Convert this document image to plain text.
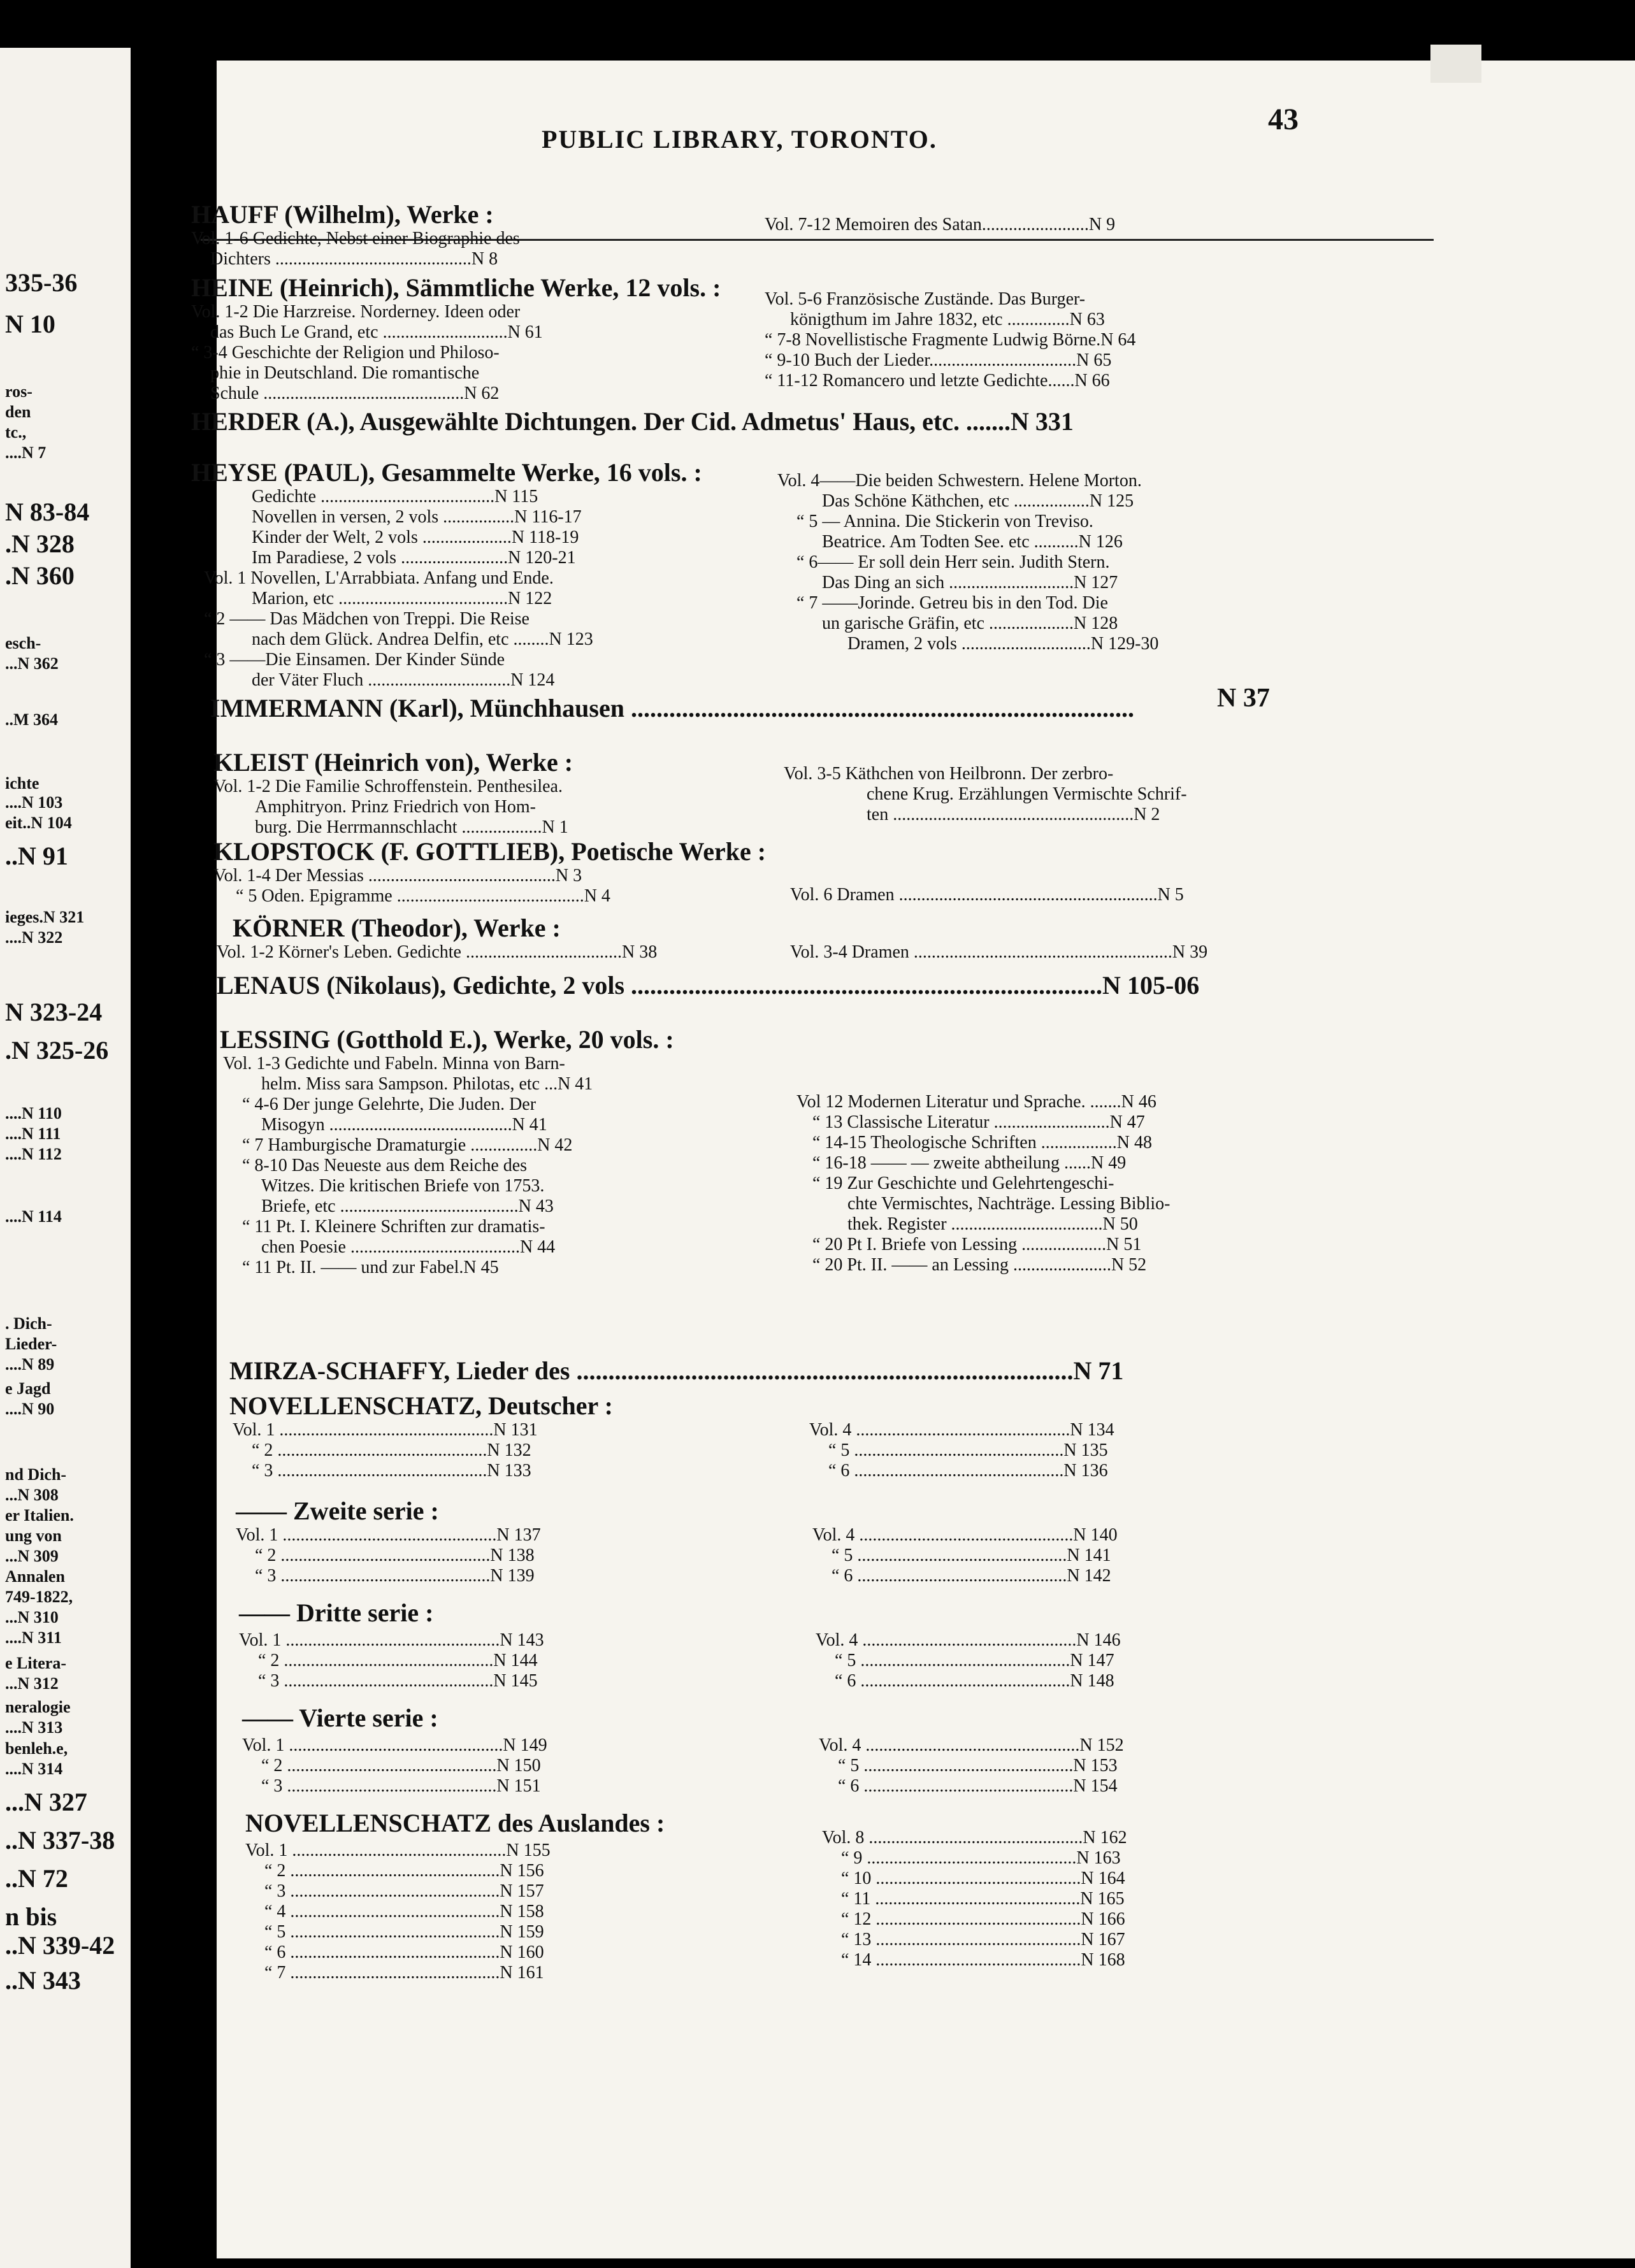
335-36
N 10
ros-
den
tc.,
....N 7
N 83-84
.N 328
.N 360
esch-
...N 362
..M 364
ichte
....N 103
eit..N 104
..N 91
ieges.N 321
....N 322
N 323-24
.N 325-26
....N 110
....N 111
....N 112
....N 114
. Dich-
Lieder-
....N 89
e Jagd
....N 90
nd Dich-
...N 308
er Italien.
ung von
...N 309
Annalen
749-1822,
...N 310
....N 311
e Litera-
...N 312
neralogie
....N 313
benleh.e,
....N 314
...N 327
..N 337-38
..N 72
n bis
..N 339-42
..N 343
PUBLIC LIBRARY, TORONTO.
43
HAUFF (Wilhelm), Werke :
Vol. 1-6 Gedichte, Nebst einer Biographie des
Dichters ............................................N 8
Vol. 7-12 Memoiren des Satan........................N 9
HEINE (Heinrich), Sämmtliche Werke, 12 vols. :
Vol. 1-2 Die Harzreise. Norderney. Ideen oder
das Buch Le Grand, etc ............................N 61
“ 3-4 Geschichte der Religion und Philoso-
phie in Deutschland. Die romantische
Schule .............................................N 62
Vol. 5-6 Französische Zustände. Das Burger-
königthum im Jahre 1832, etc ..............N 63
“ 7-8 Novellistische Fragmente Ludwig Börne.N 64
“ 9-10 Buch der Lieder.................................N 65
“ 11-12 Romancero und letzte Gedichte......N 66
HERDER (A.), Ausgewählte Dichtungen. Der Cid. Admetus' Haus, etc. .......N 331
HEYSE (PAUL), Gesammelte Werke, 16 vols. :
Gedichte .......................................N 115
Novellen in versen, 2 vols ................N 116-17
Kinder der Welt, 2 vols ....................N 118-19
Im Paradiese, 2 vols ........................N 120-21
Vol. 1 Novellen, L'Arrabbiata. Anfang und Ende.
Marion, etc ......................................N 122
“ 2 —— Das Mädchen von Treppi. Die Reise
nach dem Glück. Andrea Delfin, etc ........N 123
“ 3 ——Die Einsamen. Der Kinder Sünde
der Väter Fluch ................................N 124
Vol. 4——Die beiden Schwestern. Helene Morton.
Das Schöne Käthchen, etc .................N 125
“ 5 — Annina. Die Stickerin von Treviso.
Beatrice. Am Todten See. etc ..........N 126
“ 6—— Er soll dein Herr sein. Judith Stern.
Das Ding an sich ............................N 127
“ 7 ——Jorinde. Getreu bis in den Tod. Die
un garische Gräfin, etc ...................N 128
Dramen, 2 vols .............................N 129-30
N 37
IMMERMANN (Karl), Münchhausen ...............................................................................
KLEIST (Heinrich von), Werke :
Vol. 1-2 Die Familie Schroffenstein. Penthesilea.
Amphitryon. Prinz Friedrich von Hom-
burg. Die Herrmannschlacht ..................N 1
Vol. 3-5 Käthchen von Heilbronn. Der zerbro-
chene Krug. Erzählungen Vermischte Schrif-
ten ......................................................N 2
KLOPSTOCK (F. GOTTLIEB), Poetische Werke :
Vol. 1-4 Der Messias ..........................................N 3
“ 5 Oden. Epigramme ..........................................N 4	Vol. 6 Dramen ..........................................................N 5
KÖRNER (Theodor), Werke :
Vol. 1-2 Körner's Leben. Gedichte ...................................N 38	Vol. 3-4 Dramen ..........................................................N 39
LENAUS (Nikolaus), Gedichte, 2 vols ..........................................................................N 105-06
LESSING (Gotthold E.), Werke, 20 vols. :
Vol. 1-3 Gedichte und Fabeln. Minna von Barn-
helm. Miss sara Sampson. Philotas, etc ...N 41
“ 4-6 Der junge Gelehrte, Die Juden. Der
Misogyn .........................................N 41
“ 7 Hamburgische Dramaturgie ...............N 42
“ 8-10 Das Neueste aus dem Reiche des
Witzes. Die kritischen Briefe von 1753.
Briefe, etc ........................................N 43
“ 11 Pt. I. Kleinere Schriften zur dramatis-
chen Poesie ......................................N 44
“ 11 Pt. II. —— und zur Fabel.N 45
Vol 12 Modernen Literatur und Sprache. .......N 46
“ 13 Classische Literatur ..........................N 47
“ 14-15 Theologische Schriften .................N 48
“ 16-18 —— — zweite abtheilung ......N 49
“ 19 Zur Geschichte und Gelehrtengeschi-
chte Vermischtes, Nachträge. Lessing Biblio-
thek. Register ..................................N 50
“ 20 Pt I. Briefe von Lessing ...................N 51
“ 20 Pt. II. —— an Lessing ......................N 52
MIRZA-SCHAFFY, Lieder des ..............................................................................N 71
NOVELLENSCHATZ, Deutscher :
Vol. 1 ................................................N 131
“ 2 ...............................................N 132
“ 3 ...............................................N 133
Vol. 4 ................................................N 134
“ 5 ...............................................N 135
“ 6 ...............................................N 136
—— Zweite serie :
Vol. 1 ................................................N 137
“ 2 ...............................................N 138
“ 3 ...............................................N 139
Vol. 4 ................................................N 140
“ 5 ...............................................N 141
“ 6 ...............................................N 142
—— Dritte serie :
Vol. 1 ................................................N 143
“ 2 ...............................................N 144
“ 3 ...............................................N 145
Vol. 4 ................................................N 146
“ 5 ...............................................N 147
“ 6 ...............................................N 148
—— Vierte serie :
Vol. 1 ................................................N 149
“ 2 ...............................................N 150
“ 3 ...............................................N 151
Vol. 4 ................................................N 152
“ 5 ...............................................N 153
“ 6 ...............................................N 154
NOVELLENSCHATZ des Auslandes :
Vol. 1 ................................................N 155
“ 2 ...............................................N 156
“ 3 ...............................................N 157
“ 4 ...............................................N 158
“ 5 ...............................................N 159
“ 6 ...............................................N 160
“ 7 ...............................................N 161
Vol. 8 ................................................N 162
“ 9 ...............................................N 163
“ 10 ..............................................N 164
“ 11 ..............................................N 165
“ 12 ..............................................N 166
“ 13 ..............................................N 167
“ 14 ..............................................N 168
